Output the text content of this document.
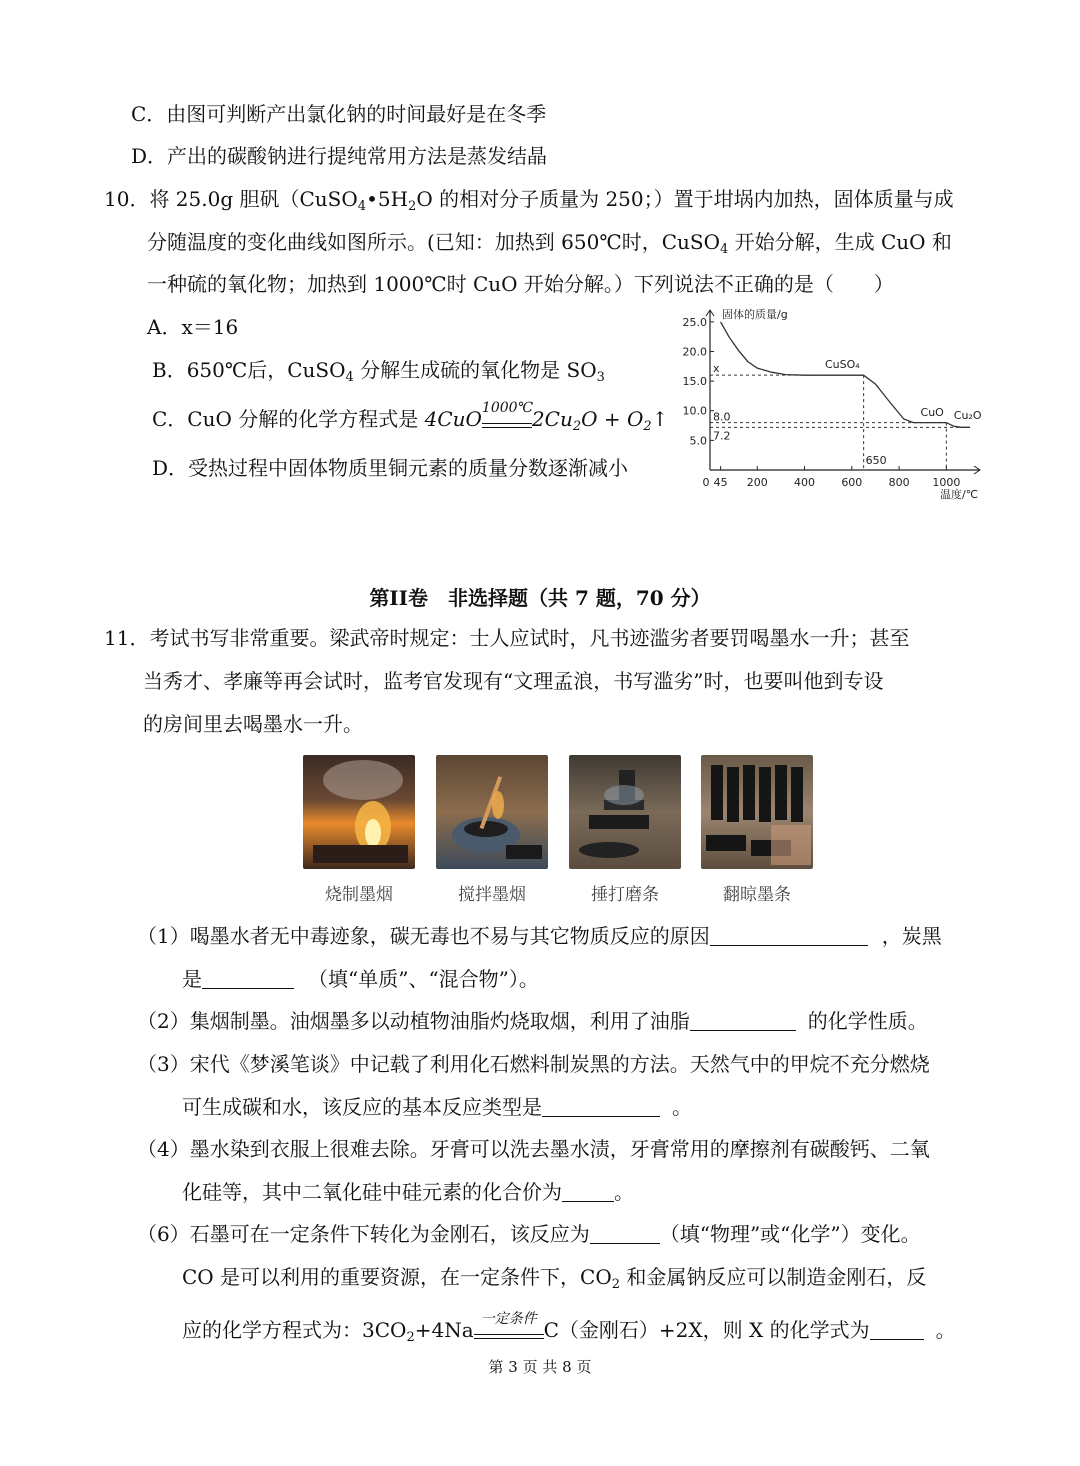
C．由图可判断产出氯化钠的时间最好是在冬季
D．产出的碳酸钠进行提纯常用方法是蒸发结晶
10．将 25.0g 胆矾（$CuSO_4•5H_2O$ 的相对分子质量为 250；）置于坩埚内加热，固体质量与成
分随温度的变化曲线如图所示。(已知：加热到 650℃时，CuSO$_4$ 开始分解，生成 CuO 和
一种硫的氧化物；加热到 1000℃时 CuO 开始分解。）下列说法不正确的是（　　）
A．x＝16
B．650℃后，CuSO$_4$ 分解生成硫的氧化物是 $SO_3$
C．CuO 分解的化学方程式是 4CuO 1000℃
$2Cu_2O$ + $O_2↑$
D．受热过程中固体物质里铜元素的质量分数逐渐减小
5.0
10.0
15.0
20.0
25.0
0 45 200 400 600 800 1000
固体的质量/g
温度/℃
CuSO₄
CuO Cu₂O
x
8.0
7.2
650
第II卷　非选择题（共 7 题，70 分）
11．考试书写非常重要。梁武帝时规定：士人应试时，凡书迹滥劣者要罚喝墨水一升；甚至
当秀才、孝廉等再会试时，监考官发现有“文理孟浪，书写滥劣”时，也要叫他到专设
的房间里去喝墨水一升。
烧制墨烟	搅拌墨烟	捶打磨条	翻晾墨条
（1）喝墨水者无中毒迹象，碳无毒也不易与其它物质反应的原因	，炭黑
是	（填“单质”、“混合物”）。
（2）集烟制墨。油烟墨多以动植物油脂灼烧取烟，利用了油脂	的化学性质。
（3）宋代《梦溪笔谈》中记载了利用化石燃料制炭黑的方法。天然气中的甲烷不充分燃烧
可生成碳和水，该反应的基本反应类型是	。
（4）墨水染到衣服上很难去除。牙膏可以洗去墨水渍，牙膏常用的摩擦剂有碳酸钙、二氧
化硅等，其中二氧化硅中硅元素的化合价为	。
（6）石墨可在一定条件下转化为金刚石，该反应为	（填“物理”或“化学”）变化。
CO 是可以利用的重要资源，在一定条件下，$CO_2$ 和金属钠反应可以制造金刚石，反
应的化学方程式为：$3CO_2+4Na$ 一定条件 C（金刚石）+2X，则 X 的化学式为	。
第 3 页 共 8 页
